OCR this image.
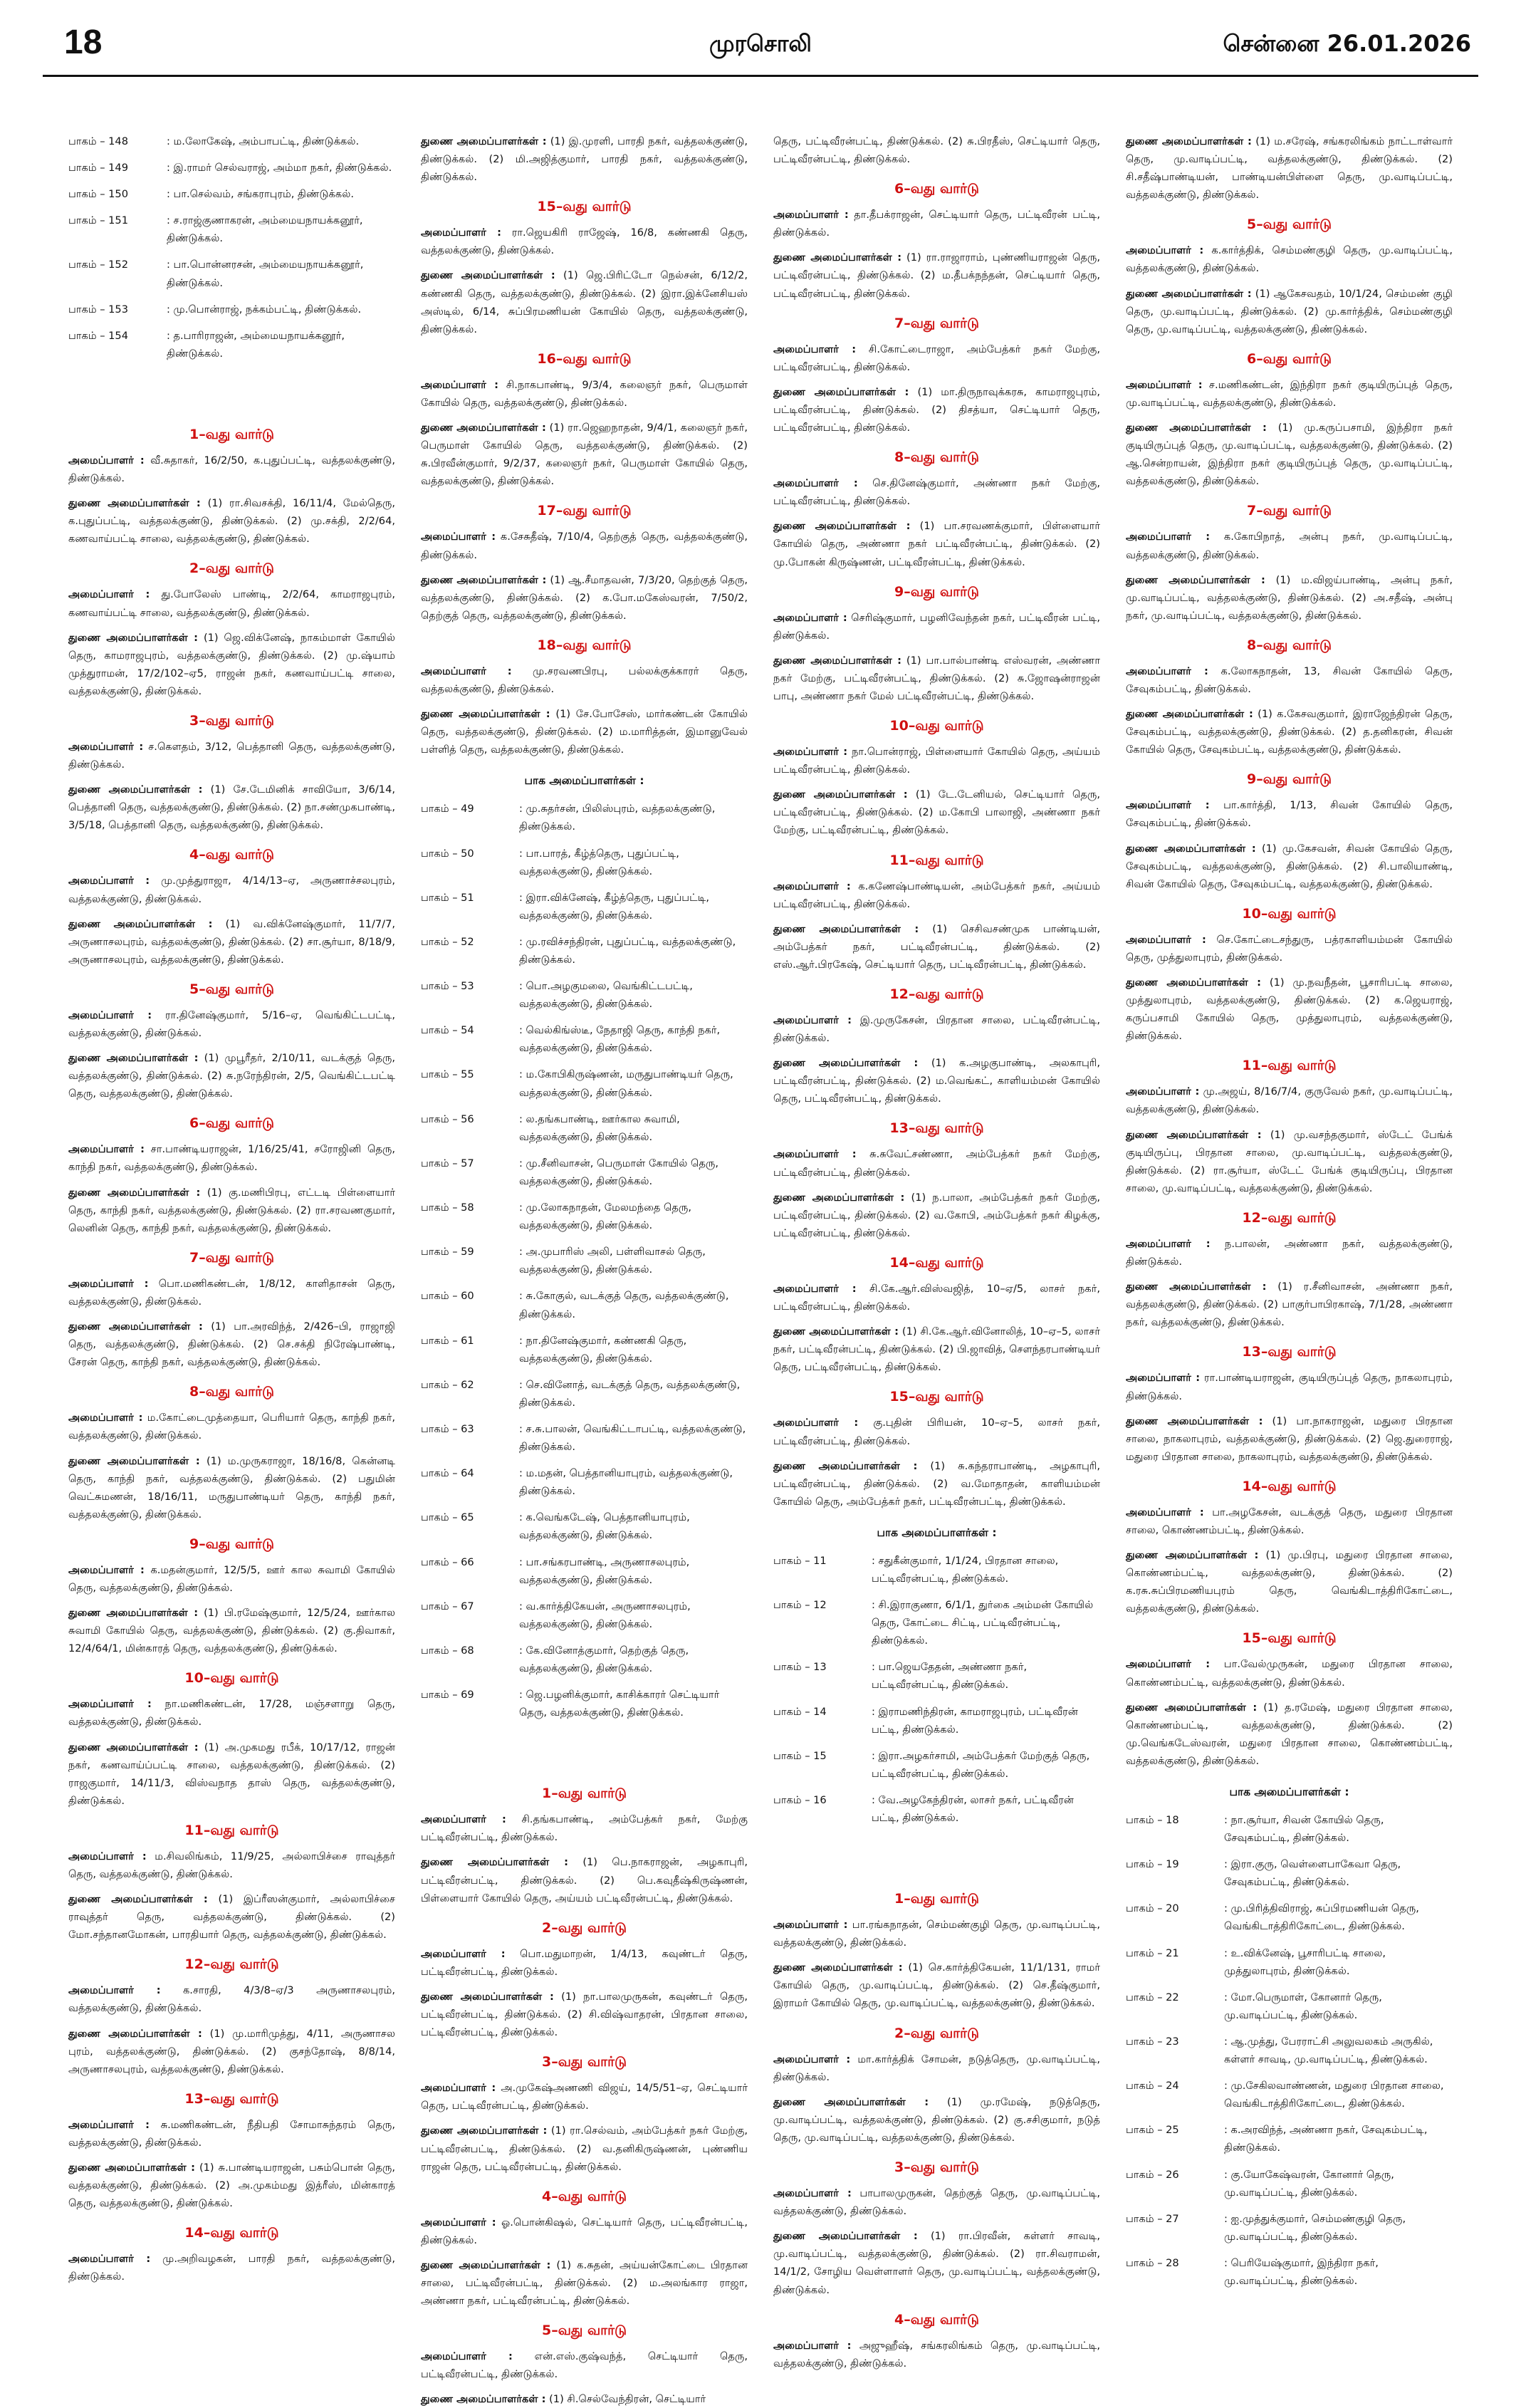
18	முரசொலி	சென்னை 26.01.2026
பாகம் – 148	: ம.லோகேஷ், அம்பாபட்டி, திண்டுக்கல்.
பாகம் – 149	: இ.ராமர் செல்வராஜ், அம்மா நகர், திண்டுக்கல்.
பாகம் – 150	: பா.செல்வம், சங்கராபுரம், திண்டுக்கல்.
பாகம் – 151	: ச.ராஜ்குணாகரன், அம்மையநாயக்கனூர், திண்டுக்கல்.
பாகம் – 152	: பா.பொன்னரசன், அம்மையநாயக்கனூர், திண்டுக்கல்.
பாகம் – 153	: மு.பொன்ராஜ், நக்கம்பட்டி, திண்டுக்கல்.
பாகம் – 154	: த.பாரிராஜன், அம்மையநாயக்கனூர், திண்டுக்கல்.
1–வது வார்டு
அமைப்பாளர் : வீ.சுதாகர், 16/2/50, க.புதுப்பட்டி, வத்தலக்குண்டு, திண்டுக்கல்.
துணை அமைப்பாளர்கள் : (1) ரா.சிவசக்தி, 16/11/4, மேல்தெரு, க.புதுப்பட்டி, வத்தலக்குண்டு, திண்டுக்கல். (2) மு.சக்தி, 2/2/64, கணவாய்பட்டி சாலை, வத்தலக்குண்டு, திண்டுக்கல்.
2–வது வார்டு
அமைப்பாளர் : து.போலேஸ் பாண்டி, 2/2/64, காமராஜபுரம், கணவாய்பட்டி சாலை, வத்தலக்குண்டு, திண்டுக்கல்.
துணை அமைப்பாளர்கள் : (1) ஜெ.விக்னேஷ், நாகம்மாள் கோயில் தெரு, காமராஜபுரம், வத்தலக்குண்டு, திண்டுக்கல். (2) மு.ஷ்யாம் முத்துராமன், 17/2/102–ஏ5, ராஜன் நகர், கணவாய்பட்டி சாலை, வத்தலக்குண்டு, திண்டுக்கல்.
3–வது வார்டு
அமைப்பாளர் : ச.கௌதம், 3/12, பெத்தானி தெரு, வத்தலக்குண்டு, திண்டுக்கல்.
துணை அமைப்பாளர்கள் : (1) சே.டேமினிக் சாவியோ, 3/6/14, பெத்தானி தெரு, வத்தலக்குண்டு, திண்டுக்கல். (2) நா.சண்முகபாண்டி, 3/5/18, பெத்தானி தெரு, வத்தலக்குண்டு, திண்டுக்கல்.
4–வது வார்டு
அமைப்பாளர் : மு.முத்துராஜா, 4/14/13–ஏ, அருணாச்சலபுரம், வத்தலக்குண்டு, திண்டுக்கல்.
துணை அமைப்பாளர்கள் : (1) வ.விக்னேஷ்குமார், 11/7/7, அருணாசலபுரம், வத்தலக்குண்டு, திண்டுக்கல். (2) சா.சூர்யா, 8/18/9, அருணாசலபுரம், வத்தலக்குண்டு, திண்டுக்கல்.
5–வது வார்டு
அமைப்பாளர் : ரா.தினேஷ்குமார், 5/16–ஏ, வெங்கிட்டபட்டி, வத்தலக்குண்டு, திண்டுக்கல்.
துணை அமைப்பாளர்கள் : (1) முபூரீதர், 2/10/11, வடக்குத் தெரு, வத்தலக்குண்டு, திண்டுக்கல். (2) சு.நரேந்திரன், 2/5, வெங்கிட்டபட்டி தெரு, வத்தலக்குண்டு, திண்டுக்கல்.
6–வது வார்டு
அமைப்பாளர் : சா.பாண்டியராஜன், 1/16/25/41, சரோஜினி தெரு, காந்தி நகர், வத்தலக்குண்டு, திண்டுக்கல்.
துணை அமைப்பாளர்கள் : (1) கு.மணிபிரபு, எட்டடி பிள்ளையார் தெரு, காந்தி நகர், வத்தலக்குண்டு, திண்டுக்கல். (2) ரா.சரவணகுமார், லெனின் தெரு, காந்தி நகர், வத்தலக்குண்டு, திண்டுக்கல்.
7–வது வார்டு
அமைப்பாளர் : பொ.மணிகண்டன், 1/8/12, காளிதாசன் தெரு, வத்தலக்குண்டு, திண்டுக்கல்.
துணை அமைப்பாளர்கள் : (1) பா.அரவிந்த், 2/426–பி, ராஜாஜி தெரு, வத்தலக்குண்டு, திண்டுக்கல். (2) செ.சக்தி நிரேஷ்பாண்டி, சேரன் தெரு, காந்தி நகர், வத்தலக்குண்டு, திண்டுக்கல்.
8–வது வார்டு
அமைப்பாளர் : ம.கோட்டைமுத்தையா, பெரியார் தெரு, காந்தி நகர், வத்தலக்குண்டு, திண்டுக்கல்.
துணை அமைப்பாளர்கள் : (1) ம.முருகராஜா, 18/16/8, கென்னடி தெரு, காந்தி நகர், வத்தலக்குண்டு, திண்டுக்கல். (2) பதுமின் வெட்சுமணன், 18/16/11, மருதுபாண்டியர் தெரு, காந்தி நகர், வத்தலக்குண்டு, திண்டுக்கல்.
9–வது வார்டு
அமைப்பாளர் : க.மதன்குமார், 12/5/5, ஊர் கால சுவாமி கோயில் தெரு, வத்தலக்குண்டு, திண்டுக்கல்.
துணை அமைப்பாளர்கள் : (1) பி.ரமேஷ்குமார், 12/5/24, ஊர்கால சுவாமி கோயில் தெரு, வத்தலக்குண்டு, திண்டுக்கல். (2) கு.திவாகர், 12/4/64/1, மின்காரத் தெரு, வத்தலக்குண்டு, திண்டுக்கல்.
10–வது வார்டு
அமைப்பாளர் : நா.மணிகண்டன், 17/28, மஞ்சளாறு தெரு, வத்தலக்குண்டு, திண்டுக்கல்.
துணை அமைப்பாளர்கள் : (1) அ.முகமது ரபீக், 10/17/12, ராஜன் நகர், கணவாய்ப்பட்டி சாலை, வத்தலக்குண்டு, திண்டுக்கல். (2) ராஜகுமார், 14/11/3, விஸ்வநாத தாஸ் தெரு, வத்தலக்குண்டு, திண்டுக்கல்.
11–வது வார்டு
அமைப்பாளர் : ம.சிவலிங்கம், 11/9/25, அல்லாபிச்சை ராவுத்தர் தெரு, வத்தலக்குண்டு, திண்டுக்கல்.
துணை அமைப்பாளர்கள் : (1) இப்ரீஸன்குமார், அல்லாபிச்சை ராவுத்தர் தெரு, வத்தலக்குண்டு, திண்டுக்கல். (2) மோ.சந்தானமோகன், பாரதியார் தெரு, வத்தலக்குண்டு, திண்டுக்கல்.
12–வது வார்டு
அமைப்பாளர் : க.சாரதி, 4/3/8–ஏ/3 அருணாசலபுரம், வத்தலக்குண்டு, திண்டுக்கல்.
துணை அமைப்பாளர்கள் : (1) மு.மாரிமுத்து, 4/11, அருணாசல புரம், வத்தலக்குண்டு, திண்டுக்கல். (2) குசந்தோஷ், 8/8/14, அருணாசலபுரம், வத்தலக்குண்டு, திண்டுக்கல்.
13–வது வார்டு
அமைப்பாளர் : சு.மணிகண்டன், நீதிபதி சோமாசுந்தரம் தெரு, வத்தலக்குண்டு, திண்டுக்கல்.
துணை அமைப்பாளர்கள் : (1) சு.பாண்டியராஜன், பசும்பொன் தெரு, வத்தலக்குண்டு, திண்டுக்கல். (2) அ.முகம்மது இத்ரீஸ், மின்காரத் தெரு, வத்தலக்குண்டு, திண்டுக்கல்.
14–வது வார்டு
அமைப்பாளர் : மு.அறிவழகன், பாரதி நகர், வத்தலக்குண்டு, திண்டுக்கல்.
துணை அமைப்பாளர்கள் : (1) இ.முரளி, பாரதி நகர், வத்தலக்குண்டு, திண்டுக்கல். (2) மி.அஜித்குமார், பாரதி நகர், வத்தலக்குண்டு, திண்டுக்கல்.
15–வது வார்டு
அமைப்பாளர் : ரா.ஜெயகிரி ராஜேஷ், 16/8, கண்ணகி தெரு, வத்தலக்குண்டு, திண்டுக்கல்.
துணை அமைப்பாளர்கள் : (1) ஜெ.பிரிட்டோ நெல்சன், 6/12/2, கண்ணகி தெரு, வத்தலக்குண்டு, திண்டுக்கல். (2) இரா.இக்னேசியஸ் அஸ்டில், 6/14, சுப்பிரமணியன் கோயில் தெரு, வத்தலக்குண்டு, திண்டுக்கல்.
16–வது வார்டு
அமைப்பாளர் : சி.நாகபாண்டி, 9/3/4, கலைஞர் நகர், பெருமாள் கோயில் தெரு, வத்தலக்குண்டு, திண்டுக்கல்.
துணை அமைப்பாளர்கள் : (1) ரா.ஜெஹநாதன், 9/4/1, கலைஞர் நகர், பெருமாள் கோயில் தெரு, வத்தலக்குண்டு, திண்டுக்கல். (2) சு.பிரவீன்குமார், 9/2/37, கலைஞர் நகர், பெருமாள் கோயில் தெரு, வத்தலக்குண்டு, திண்டுக்கல்.
17–வது வார்டு
அமைப்பாளர் : க.சேசுதீஷ், 7/10/4, தெற்குத் தெரு, வத்தலக்குண்டு, திண்டுக்கல்.
துணை அமைப்பாளர்கள் : (1) ஆ.சீமாதவன், 7/3/20, தெற்குத் தெரு, வத்தலக்குண்டு, திண்டுக்கல். (2) க.போ.மகேஸ்வரன், 7/50/2, தெற்குத் தெரு, வத்தலக்குண்டு, திண்டுக்கல்.
18–வது வார்டு
அமைப்பாளர் : மு.சரவணபிரபு, பல்லக்குக்காரர் தெரு, வத்தலக்குண்டு, திண்டுக்கல்.
துணை அமைப்பாளர்கள் : (1) சே.போசேஸ், மார்கண்டன் கோயில் தெரு, வத்தலக்குண்டு, திண்டுக்கல். (2) ம.மாரித்தன், இமானுவேல் பள்ளித் தெரு, வத்தலக்குண்டு, திண்டுக்கல்.
பாக அமைப்பாளர்கள் :
பாகம் – 49	: மு.சுதர்சன், பிலிஸ்புரம், வத்தலக்குண்டு, திண்டுக்கல்.
பாகம் – 50	: பா.பாரத், கீழ்த்தெரு, புதுப்பட்டி, வத்தலக்குண்டு, திண்டுக்கல்.
பாகம் – 51	: இரா.விக்னேஷ், கீழ்த்தெரு, புதுப்பட்டி, வத்தலக்குண்டு, திண்டுக்கல்.
பாகம் – 52	: மு.ரவிச்சந்திரன், புதுப்பட்டி, வத்தலக்குண்டு, திண்டுக்கல்.
பாகம் – 53	: பொ.அழகுமலை, வெங்கிட்டபட்டி, வத்தலக்குண்டு, திண்டுக்கல்.
பாகம் – 54	: வெல்கிங்ஸ்டீ, நேதாஜி தெரு, காந்தி நகர், வத்தலக்குண்டு, திண்டுக்கல்.
பாகம் – 55	: ம.கோபிகிருஷ்ணன், மருதுபாண்டியர் தெரு, வத்தலக்குண்டு, திண்டுக்கல்.
பாகம் – 56	: ல.தங்கபாண்டி, ஊர்கால சுவாமி, வத்தலக்குண்டு, திண்டுக்கல்.
பாகம் – 57	: மு.சீனிவாசன், பெருமாள் கோயில் தெரு, வத்தலக்குண்டு, திண்டுக்கல்.
பாகம் – 58	: மு.லோகநாதன், மேலமந்தை தெரு, வத்தலக்குண்டு, திண்டுக்கல்.
பாகம் – 59	: அ.முபாரிஸ் அலி, பள்ளிவாசல் தெரு, வத்தலக்குண்டு, திண்டுக்கல்.
பாகம் – 60	: சு.கோகுல், வடக்குத் தெரு, வத்தலக்குண்டு, திண்டுக்கல்.
பாகம் – 61	: நா.தினேஷ்குமார், கண்ணகி தெரு, வத்தலக்குண்டு, திண்டுக்கல்.
பாகம் – 62	: செ.வினோத், வடக்குத் தெரு, வத்தலக்குண்டு, திண்டுக்கல்.
பாகம் – 63	: ச.சு.பாலன், வெங்கிட்டாபட்டி, வத்தலக்குண்டு, திண்டுக்கல்.
பாகம் – 64	: ம.மதன், பெத்தானியாபுரம், வத்தலக்குண்டு, திண்டுக்கல்.
பாகம் – 65	: க.வெங்கடேஷ், பெத்தானியாபுரம், வத்தலக்குண்டு, திண்டுக்கல்.
பாகம் – 66	: பா.சங்கரபாண்டி, அருணாசலபுரம், வத்தலக்குண்டு, திண்டுக்கல்.
பாகம் – 67	: வ.கார்த்திகேயன், அருணாசலபுரம், வத்தலக்குண்டு, திண்டுக்கல்.
பாகம் – 68	: கே.வினோத்குமார், தெற்குத் தெரு, வத்தலக்குண்டு, திண்டுக்கல்.
பாகம் – 69	: ஜெ.பழனிக்குமார், காசிக்காரர் செட்டியார் தெரு, வத்தலக்குண்டு, திண்டுக்கல்.
1–வது வார்டு
அமைப்பாளர் : சி.தங்கபாண்டி, அம்பேத்கர் நகர், மேற்கு பட்டிவீரன்பட்டி, திண்டுக்கல்.
துணை அமைப்பாளர்கள் : (1) பெ.நாகராஜன், அழகாபுரி, பட்டிவீரன்பட்டி, திண்டுக்கல். (2) பெ.கவுதீஷ்கிருஷ்ணன், பிள்ளையார் கோயில் தெரு, அய்யம் பட்டிவீரன்பட்டி, திண்டுக்கல்.
2–வது வார்டு
அமைப்பாளர் : பொ.மதுமாறன், 1/4/13, கவுண்டர் தெரு, பட்டிவீரன்பட்டி, திண்டுக்கல்.
துணை அமைப்பாளர்கள் : (1) நா.பாலமுருகன், கவுண்டர் தெரு, பட்டிவீரன்பட்டி, திண்டுக்கல். (2) சி.விஷ்வாதரன், பிரதான சாலை, பட்டிவீரன்பட்டி, திண்டுக்கல்.
3–வது வார்டு
அமைப்பாளர் : அ.முகேஷ்அணணி விஜய், 14/5/51–ஏ, செட்டியார் தெரு, பட்டிவீரன்பட்டி, திண்டுக்கல்.
துணை அமைப்பாளர்கள் : (1) ரா.செல்வம், அம்பேத்கர் நகர் மேற்கு, பட்டிவீரன்பட்டி, திண்டுக்கல். (2) வ.தனிகிருஷ்ணன், புண்ணிய ராஜன் தெரு, பட்டிவீரன்பட்டி, திண்டுக்கல்.
4–வது வார்டு
அமைப்பாளர் : ஓ.பொன்கிஷல், செட்டியார் தெரு, பட்டிவீரன்பட்டி, திண்டுக்கல்.
துணை அமைப்பாளர்கள் : (1) க.சுதன், அய்யன்கோட்டை பிரதான சாலை, பட்டிவீரன்பட்டி, திண்டுக்கல். (2) ம.அலங்கார ராஜா, அண்ணா நகர், பட்டிவீரன்பட்டி, திண்டுக்கல்.
5–வது வார்டு
அமைப்பாளர் : என்.எஸ்.குஷ்வந்த், செட்டியார் தெரு, பட்டிவீரன்பட்டி, திண்டுக்கல்.
துணை அமைப்பாளர்கள் : (1) சி.செல்வேந்திரன், செட்டியார்
தெரு, பட்டிவீரன்பட்டி, திண்டுக்கல். (2) சு.பிரதீஸ், செட்டியார் தெரு, பட்டிவீரன்பட்டி, திண்டுக்கல்.
6–வது வார்டு
அமைப்பாளர் : தா.தீபக்ராஜன், செட்டியார் தெரு, பட்டிவீரன் பட்டி, திண்டுக்கல்.
துணை அமைப்பாளர்கள் : (1) ரா.ராஜாராம், புண்ணியராஜன் தெரு, பட்டிவீரன்பட்டி, திண்டுக்கல். (2) ம.தீபக்நந்தன், செட்டியார் தெரு, பட்டிவீரன்பட்டி, திண்டுக்கல்.
7–வது வார்டு
அமைப்பாளர் : சி.கோட்டைராஜா, அம்பேத்கர் நகர் மேற்கு, பட்டிவீரன்பட்டி, திண்டுக்கல்.
துணை அமைப்பாளர்கள் : (1) மா.திருநாவுக்கரசு, காமராஜபுரம், பட்டிவீரன்பட்டி, திண்டுக்கல். (2) திசத்யா, செட்டியார் தெரு, பட்டிவீரன்பட்டி, திண்டுக்கல்.
8–வது வார்டு
அமைப்பாளர் : செ.தினேஷ்குமார், அண்ணா நகர் மேற்கு, பட்டிவீரன்பட்டி, திண்டுக்கல்.
துணை அமைப்பாளர்கள் : (1) பா.சரவணக்குமார், பிள்ளையார் கோயில் தெரு, அண்ணா நகர் பட்டிவீரன்பட்டி, திண்டுக்கல். (2) மு.போகன் கிருஷ்ணன், பட்டிவீரன்பட்டி, திண்டுக்கல்.
9–வது வார்டு
அமைப்பாளர் : செரிஷ்குமார், பழனிவேந்தன் நகர், பட்டிவீரன் பட்டி, திண்டுக்கல்.
துணை அமைப்பாளர்கள் : (1) பா.பால்பாண்டி எஸ்வரன், அண்ணா நகர் மேற்கு, பட்டிவீரன்பட்டி, திண்டுக்கல். (2) சு.ஜோஷன்ராஜன் பாபு, அண்ணா நகர் மேல் பட்டிவீரன்பட்டி, திண்டுக்கல்.
10–வது வார்டு
அமைப்பாளர் : நா.பொன்ராஜ், பிள்ளையார் கோயில் தெரு, அய்யம் பட்டிவீரன்பட்டி, திண்டுக்கல்.
துணை அமைப்பாளர்கள் : (1) டே.டேனியல், செட்டியார் தெரு, பட்டிவீரன்பட்டி, திண்டுக்கல். (2) ம.கோபி பாலாஜி, அண்ணா நகர் மேற்கு, பட்டிவீரன்பட்டி, திண்டுக்கல்.
11–வது வார்டு
அமைப்பாளர் : க.கணேஷ்பாண்டியன், அம்பேத்கர் நகர், அய்யம் பட்டிவீரன்பட்டி, திண்டுக்கல்.
துணை அமைப்பாளர்கள் : (1) செசிவசண்முக பாண்டியன், அம்பேத்கர் நகர், பட்டிவீரன்பட்டி, திண்டுக்கல். (2) எஸ்.ஆர்.பிரகேஷ், செட்டியார் தெரு, பட்டிவீரன்பட்டி, திண்டுக்கல்.
12–வது வார்டு
அமைப்பாளர் : இ.முருகேசன், பிரதான சாலை, பட்டிவீரன்பட்டி, திண்டுக்கல்.
துணை அமைப்பாளர்கள் : (1) க.அழகுபாண்டி, அலகாபுரி, பட்டிவீரன்பட்டி, திண்டுக்கல். (2) ம.வெங்கட், காளியம்மன் கோயில் தெரு, பட்டிவீரன்பட்டி, திண்டுக்கல்.
13–வது வார்டு
அமைப்பாளர் : சு.சுவேட்சண்ணா, அம்பேத்கர் நகர் மேற்கு, பட்டிவீரன்பட்டி, திண்டுக்கல்.
துணை அமைப்பாளர்கள் : (1) ந.பாலா, அம்பேத்கர் நகர் மேற்கு, பட்டிவீரன்பட்டி, திண்டுக்கல். (2) வ.கோபி, அம்பேத்கர் நகர் கிழக்கு, பட்டிவீரன்பட்டி, திண்டுக்கல்.
14–வது வார்டு
அமைப்பாளர் : சி.கே.ஆர்.விஸ்வஜித், 10–ஏ/5, லாசர் நகர், பட்டிவீரன்பட்டி, திண்டுக்கல்.
துணை அமைப்பாளர்கள் : (1) சி.கே.ஆர்.வினோலித், 10–ஏ–5, லாசர் நகர், பட்டிவீரன்பட்டி, திண்டுக்கல். (2) பி.ஜாவித், சௌந்தரபாண்டியர் தெரு, பட்டிவீரன்பட்டி, திண்டுக்கல்.
15–வது வார்டு
அமைப்பாளர் : கு.புதின் பிரியன், 10–ஏ–5, லாசர் நகர், பட்டிவீரன்பட்டி, திண்டுக்கல்.
துணை அமைப்பாளர்கள் : (1) சு.கந்தராபாண்டி, அழகாபுரி, பட்டிவீரன்பட்டி, திண்டுக்கல். (2) வ.மோதாதன், காளியம்மன் கோயில் தெரு, அம்பேத்கர் நகர், பட்டிவீரன்பட்டி, திண்டுக்கல்.
பாக அமைப்பாளர்கள் :
பாகம் – 11	: சதுகீன்குமார், 1/1/24, பிரதான சாலை, பட்டிவீரன்பட்டி, திண்டுக்கல்.
பாகம் – 12	: சி.இராகுணா, 6/1/1, துர்கை அம்மன் கோயில் தெரு, கோட்டை சிட்டி, பட்டிவீரன்பட்டி, திண்டுக்கல்.
பாகம் – 13	: பா.ஜெயதேதன், அண்ணா நகர், பட்டிவீரன்பட்டி, திண்டுக்கல்.
பாகம் – 14	: இராமணிந்திரன், காமராஜபுரம், பட்டிவீரன் பட்டி, திண்டுக்கல்.
பாகம் – 15	: இரா.அழகர்சாமி, அம்பேத்கர் மேற்குத் தெரு, பட்டிவீரன்பட்டி, திண்டுக்கல்.
பாகம் – 16	: வே.அழகேந்திரன், லாசர் நகர், பட்டிவீரன் பட்டி, திண்டுக்கல்.
1–வது வார்டு
அமைப்பாளர் : பா.ரங்கநாதன், செம்மண்குழி தெரு, மு.வாடிப்பட்டி, வத்தலக்குண்டு, திண்டுக்கல்.
துணை அமைப்பாளர்கள் : (1) செ.கார்த்திகேயன், 11/1/131, ராமர் கோயில் தெரு, மு.வாடிப்பட்டி, திண்டுக்கல். (2) செ.தீஷ்குமார், இராமர் கோயில் தெரு, மு.வாடிப்பட்டி, வத்தலக்குண்டு, திண்டுக்கல்.
2–வது வார்டு
அமைப்பாளர் : மா.கார்த்திக் சோமன், நடுத்தெரு, மு.வாடிப்பட்டி, திண்டுக்கல்.
துணை அமைப்பாளர்கள் : (1) மு.ரமேஷ், நடுத்தெரு, மு.வாடிப்பட்டி, வத்தலக்குண்டு, திண்டுக்கல். (2) கு.சசிகுமார், நடுத் தெரு, மு.வாடிப்பட்டி, வத்தலக்குண்டு, திண்டுக்கல்.
3–வது வார்டு
அமைப்பாளர் : பாபாலமுருகன், தெற்குத் தெரு, மு.வாடிப்பட்டி, வத்தலக்குண்டு, திண்டுக்கல்.
துணை அமைப்பாளர்கள் : (1) ரா.பிரவீன், கள்ளர் சாவடி, மு.வாடிப்பட்டி, வத்தலக்குண்டு, திண்டுக்கல். (2) ரா.சிவராமன், 14/1/2, சோழிய வெள்ளாளர் தெரு, மு.வாடிப்பட்டி, வத்தலக்குண்டு, திண்டுக்கல்.
4–வது வார்டு
அமைப்பாளர் : அஜுஹீஷ், சங்கரலிங்கம் தெரு, மு.வாடிப்பட்டி, வத்தலக்குண்டு, திண்டுக்கல்.
துணை அமைப்பாளர்கள் : (1) ம.சரேஷ், சங்கரலிங்கம் நாட்டாள்வார் தெரு, மு.வாடிப்பட்டி, வத்தலக்குண்டு, திண்டுக்கல். (2) சி.சதீஷ்பாண்டியன், பாண்டியன்பிள்ளை தெரு, மு.வாடிப்பட்டி, வத்தலக்குண்டு, திண்டுக்கல்.
5–வது வார்டு
அமைப்பாளர் : க.கார்த்திக், செம்மண்குழி தெரு, மு.வாடிப்பட்டி, வத்தலக்குண்டு, திண்டுக்கல்.
துணை அமைப்பாளர்கள் : (1) ஆகேசவதம், 10/1/24, செம்மண் குழி தெரு, மு.வாடிப்பட்டி, திண்டுக்கல். (2) மு.கார்த்திக், செம்மண்குழி தெரு, மு.வாடிப்பட்டி, வத்தலக்குண்டு, திண்டுக்கல்.
6–வது வார்டு
அமைப்பாளர் : ச.மணிகண்டன், இந்திரா நகர் குடியிருப்புத் தெரு, மு.வாடிப்பட்டி, வத்தலக்குண்டு, திண்டுக்கல்.
துணை அமைப்பாளர்கள் : (1) மு.கருப்பசாமி, இந்திரா நகர் குடியிருப்புத் தெரு, மு.வாடிப்பட்டி, வத்தலக்குண்டு, திண்டுக்கல். (2) ஆ.சென்றாயன், இந்திரா நகர் குடியிருப்புத் தெரு, மு.வாடிப்பட்டி, வத்தலக்குண்டு, திண்டுக்கல்.
7–வது வார்டு
அமைப்பாளர் : க.கோபிநாத், அன்பு நகர், மு.வாடிப்பட்டி, வத்தலக்குண்டு, திண்டுக்கல்.
துணை அமைப்பாளர்கள் : (1) ம.விஜய்பாண்டி, அன்பு நகர், மு.வாடிப்பட்டி, வத்தலக்குண்டு, திண்டுக்கல். (2) அ.சதீஷ், அன்பு நகர், மு.வாடிப்பட்டி, வத்தலக்குண்டு, திண்டுக்கல்.
8–வது வார்டு
அமைப்பாளர் : க.லோகநாதன், 13, சிவன் கோயில் தெரு, சேவுகம்பட்டி, திண்டுக்கல்.
துணை அமைப்பாளர்கள் : (1) க.கேசவகுமார், இராஜேந்திரன் தெரு, சேவுகம்பட்டி, வத்தலக்குண்டு, திண்டுக்கல். (2) த.தனிகரன், சிவன் கோயில் தெரு, சேவுகம்பட்டி, வத்தலக்குண்டு, திண்டுக்கல்.
9–வது வார்டு
அமைப்பாளர் : பா.கார்த்தி, 1/13, சிவன் கோயில் தெரு, சேவுகம்பட்டி, திண்டுக்கல்.
துணை அமைப்பாளர்கள் : (1) மு.கேசவன், சிவன் கோயில் தெரு, சேவுகம்பட்டி, வத்தலக்குண்டு, திண்டுக்கல். (2) சி.பாலியாண்டி, சிவன் கோயில் தெரு, சேவுகம்பட்டி, வத்தலக்குண்டு, திண்டுக்கல்.
10–வது வார்டு
அமைப்பாளர் : செ.கோட்டைசந்துரு, பத்ரகாளியம்மன் கோயில் தெரு, முத்துலாபுரம், திண்டுக்கல்.
துணை அமைப்பாளர்கள் : (1) மு.நவநீதன், பூசாரிபட்டி சாலை, முத்துலாபுரம், வத்தலக்குண்டு, திண்டுக்கல். (2) க.ஜெயராஜ், கருப்பசாமி கோயில் தெரு, முத்துலாபுரம், வத்தலக்குண்டு, திண்டுக்கல்.
11–வது வார்டு
அமைப்பாளர் : மு.அஜய், 8/16/7/4, குருவேல் நகர், மு.வாடிப்பட்டி, வத்தலக்குண்டு, திண்டுக்கல்.
துணை அமைப்பாளர்கள் : (1) மு.வசந்தகுமார், ஸ்டேட் பேங்க் குடியிருப்பு, பிரதான சாலை, மு.வாடிப்பட்டி, வத்தலக்குண்டு, திண்டுக்கல். (2) ரா.சூர்யா, ஸ்டேட் பேங்க் குடியிருப்பு, பிரதான சாலை, மு.வாடிப்பட்டி, வத்தலக்குண்டு, திண்டுக்கல்.
12–வது வார்டு
அமைப்பாளர் : ந.பாலன், அண்ணா நகர், வத்தலக்குண்டு, திண்டுக்கல்.
துணை அமைப்பாளர்கள் : (1) ர.சீனிவாசன், அண்ணா நகர், வத்தலக்குண்டு, திண்டுக்கல். (2) பாகுர்பாபிரகாஷ், 7/1/28, அண்ணா நகர், வத்தலக்குண்டு, திண்டுக்கல்.
13–வது வார்டு
அமைப்பாளர் : ரா.பாண்டியராஜன், குடியிருப்புத் தெரு, நாகலாபுரம், திண்டுக்கல்.
துணை அமைப்பாளர்கள் : (1) பா.நாகராஜன், மதுரை பிரதான சாலை, நாகலாபுரம், வத்தலக்குண்டு, திண்டுக்கல். (2) ஜெ.துரைராஜ், மதுரை பிரதான சாலை, நாகலாபுரம், வத்தலக்குண்டு, திண்டுக்கல்.
14–வது வார்டு
அமைப்பாளர் : பா.அழகேசன், வடக்குத் தெரு, மதுரை பிரதான சாலை, கொண்ணம்பட்டி, திண்டுக்கல்.
துணை அமைப்பாளர்கள் : (1) மு.பிரபு, மதுரை பிரதான சாலை, கொண்ணம்பட்டி, வத்தலக்குண்டு, திண்டுக்கல். (2) க.ரசு.சுப்பிரமணியபுரம் தெரு, வெங்கிடாத்திரிகோட்டை, வத்தலக்குண்டு, திண்டுக்கல்.
15–வது வார்டு
அமைப்பாளர் : பா.வேல்முருகன், மதுரை பிரதான சாலை, கொண்ணம்பட்டி, வத்தலக்குண்டு, திண்டுக்கல்.
துணை அமைப்பாளர்கள் : (1) த.ரமேஷ், மதுரை பிரதான சாலை, கொண்ணம்பட்டி, வத்தலக்குண்டு, திண்டுக்கல். (2) மு.வெங்கடேஸ்வரன், மதுரை பிரதான சாலை, கொண்ணம்பட்டி, வத்தலக்குண்டு, திண்டுக்கல்.
பாக அமைப்பாளர்கள் :
பாகம் – 18	: நா.சூர்யா, சிவன் கோயில் தெரு, சேவுகம்பட்டி, திண்டுக்கல்.
பாகம் – 19	: இரா.குரு, வெள்ளைபாகேவா தெரு, சேவுகம்பட்டி, திண்டுக்கல்.
பாகம் – 20	: மு.பிரித்திவிராஜ், சுப்பிரமணியன் தெரு, வெங்கிடாத்திரிகோட்டை, திண்டுக்கல்.
பாகம் – 21	: உ.விக்னேஷ், பூசாரிபட்டி சாலை, முத்துலாபுரம், திண்டுக்கல்.
பாகம் – 22	: மோ.பெருமாள், கோனார் தெரு, மு.வாடிப்பட்டி, திண்டுக்கல்.
பாகம் – 23	: ஆ.முத்து, பேரராட்சி அலுவலகம் அருகில், கள்ளர் சாவடி, மு.வாடிப்பட்டி, திண்டுக்கல்.
பாகம் – 24	: மு.சேகிலவாண்ணன், மதுரை பிரதான சாலை, வெங்கிடாத்திரிகோட்டை, திண்டுக்கல்.
பாகம் – 25	: க.அரவிந்த், அண்ணா நகர், சேவுகம்பட்டி, திண்டுக்கல்.
பாகம் – 26	: கு.யோகேஷ்வரன், கோனார் தெரு, மு.வாடிப்பட்டி, திண்டுக்கல்.
பாகம் – 27	: ஐ.முத்துக்குமார், செம்மண்குழி தெரு, மு.வாடிப்பட்டி, திண்டுக்கல்.
பாகம் – 28	: பெரியேஷ்குமார், இந்திரா நகர், மு.வாடிப்பட்டி, திண்டுக்கல்.
